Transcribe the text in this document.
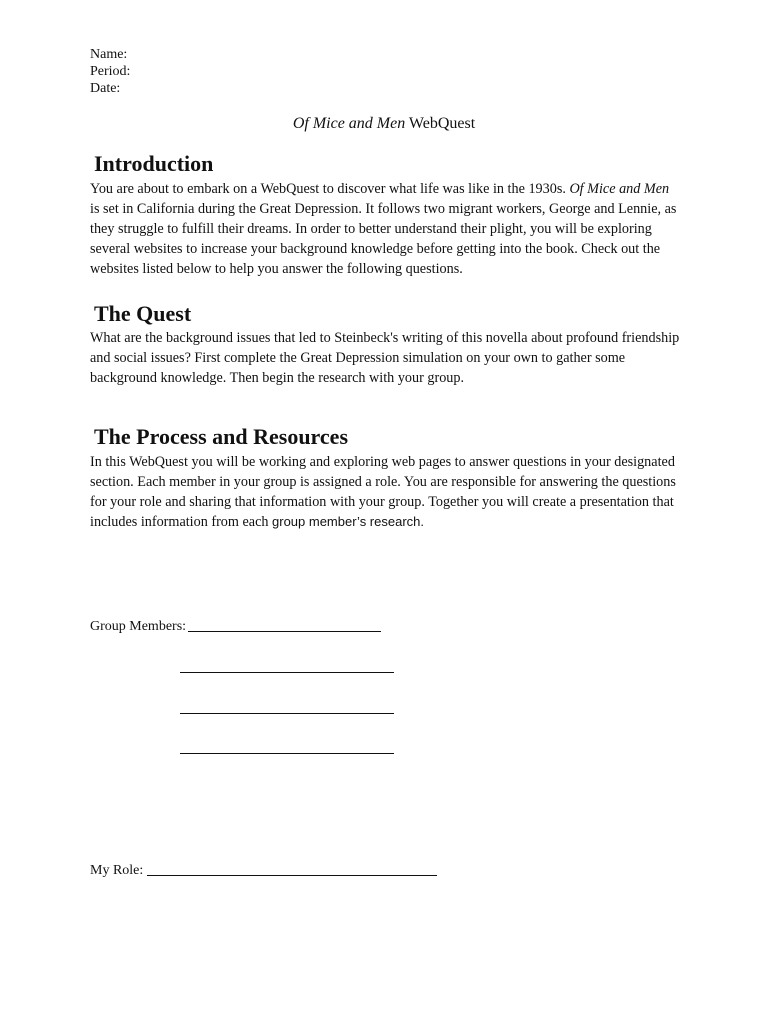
Name:
Period:
Date:
Of Mice and Men WebQuest
Introduction

You are about to embark on a WebQuest to discover what life was like in the 1930s. Of Mice and Men is set in California during the Great Depression. It follows two migrant workers, George and Lennie, as they struggle to fulfill their dreams. In order to better understand their plight, you will be exploring several websites to increase your background knowledge before getting into the book. Check out the websites listed below to help you answer the following questions.

The Quest

What are the background issues that led to Steinbeck's writing of this novella about profound friendship and social issues? First complete the Great Depression simulation on your own to gather some background knowledge. Then begin the research with your group.

The Process and Resources

In this WebQuest you will be working and exploring web pages to answer questions in your designated section. Each member in your group is assigned a role. You are responsible for answering the questions for your role and sharing that information with your group. Together you will create a presentation that includes information from each group member’s research.

Group Members:
My Role:
